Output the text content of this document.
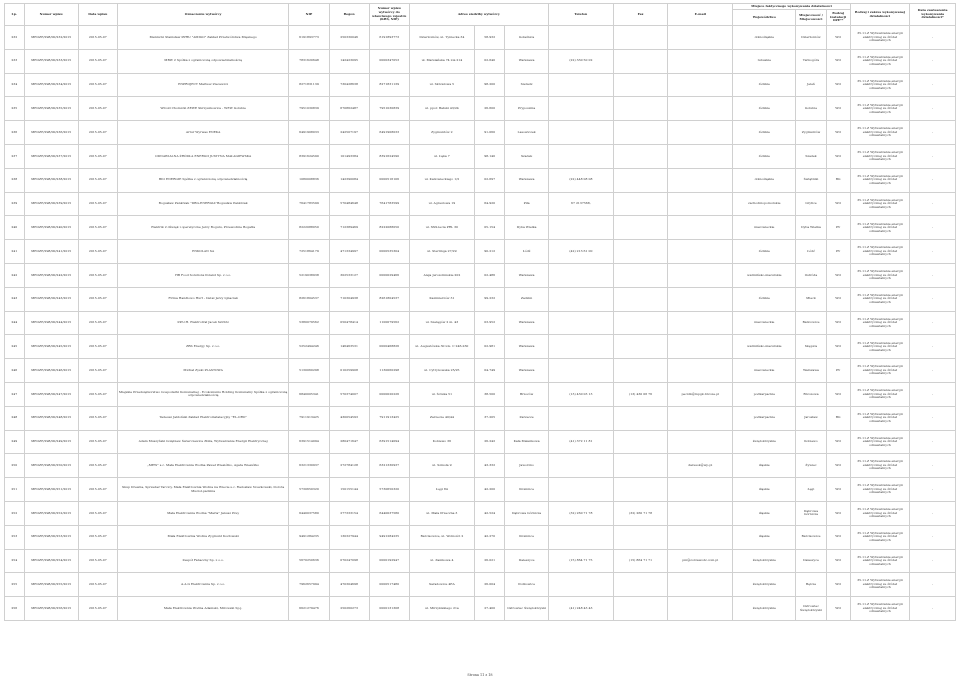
Lp.	Numer wpisu	Data wpisu	Oznaczenie wytwórcy	NIP	Regon	Numer wpisu wytwórcy do właściwego rejestru (KRS, NIP)	Adres siedziby wytwórcy			Telefon	Fax	E-mail	Miejsce faktycznego wykonywania działalności			Rodzaj i zakres wykonywanej działalności	Data zawieszenia wykonywania działalności*
													Województwo	Miejscowość / Miejscowości	Rodzaj instalacji OZE**		
232	MEOZE/298/00/232/2015	2015-05-07	Mennicki Stanisław PPHU "AMIGO" Zakład Przetwórstwa Mięsnego	6191893773	250330046	6191893773	Dzierżoniów, ul. Tyniecka 34	58-932	Gołaśnica				dolnośląskie	Dzierżoniów	WO	35.11.Z Wytwarzanie energii elektrycznej ze źródeł odnawialnych	-
233	MEOZE/298/00/233/2015	2015-05-07	MBW 2 Spółka z ograniczoną odpowiedzialnością	7831620648	142423095	0000347053	ul. Marsiańska 74 lok.214	02-640	Warszawa	(22) 330 50 02			lubuskie	Tarnogóra	WO	35.11.Z Wytwarzanie energii elektrycznej ze źródeł odnawialnych	-
234	MEOZE/298/00/234/2015	2015-05-07	ENPROJECT Mariusz Ziecewicz	8271831139	730428638	8271831139	ul. Skrzatowa 5	98-200	Sieradz				łódzkie	Jeleń	WO	35.11.Z Wytwarzanie energii elektrycznej ze źródeł odnawialnych	-
235	MEOZE/298/00/235/2015	2015-05-07	Witold Chomicki ZEWE Skrzyszkowice - WEW Golubie	7951030839	670862487	7951030839	ul. ppor. Bałuki 43/24	26-600	Pryposznia				łódzkie	Golubie	WO	35.11.Z Wytwarzanie energii elektrycznej ze źródeł odnawialnych	-
236	MEOZE/298/00/236/2015	2015-05-07	Artur Wyrwas ENEKA	6491908033	242507197	6491908033	Zygmuntów 2	91-060	Lasowiczek				łódzkie	Zygmuntów	WO	35.11.Z Wytwarzanie energii elektrycznej ze źródeł odnawialnych	-
237	MEOZE/298/00/237/2015	2015-05-07	ODNAWIALNA ŹRÓDŁA ENERGII JUSTYNA MAŁAGIEWSKA	8391624590	101493384	8391624590	ul. Łąka 7	98-140	Szadek				łódzkie	Szadek	WO	35.11.Z Wytwarzanie energii elektrycznej ze źródeł odnawialnych	-
238	MEOZE/298/00/238/2015	2015-05-07	BIO ENERGIE Spółka z ograniczoną odpowiedzialnością	1080008836	142390084	0000516106	ul. Kaliowieckiego 1/2	02-697	Warszawa	(22) 448 08 08			dolnośląskie	Świątniki	BG	35.11.Z Wytwarzanie energii elektrycznej ze źródeł odnawialnych	-
239	MEOZE/298/00/239/2015	2015-05-07	Bogusław Pankrzak "DBG-ENERGIA"Bogusław Pankrzak	7641783599	570484648	7641783599	ul. Agrestowa 19	64-920	Piła	67 2137568,			zachodniopomorskie	Gryfice	WO	35.11.Z Wytwarzanie energii elektrycznej ze źródeł odnawialnych	-
240	MEOZE/298/00/240/2015	2015-05-07	Elektrik 2 dźwięk i operetyczne Jerzy Bogulu, Przewodnie Bogatła	8222088050	712389469	8222088050	ul. XXX-lecia PRL 30	05-154	Dyba Wielka				mazowieckie	Dyba Wielka	PV	35.11.Z Wytwarzanie energii elektrycznej ze źródeł odnawialnych	-
241	MEOZE/298/00/241/2015	2015-05-07	ENKOLAN SA	7251864179	471334997	0000535304	ul. Sterlinga 27/29	90-212	Łódź	(42) 213 61 00			łódzkie	Łódź	PV	35.11.Z Wytwarzanie energii elektrycznej ze źródeł odnawialnych	-
242	MEOZE/298/00/242/2015	2015-05-07	HB Food Solutions Poland Sp. z o.o.	5219038938	302533127	0000029466	Aleja Jerozolimskie 202	02-486	Warszawa				warmińsko-mazurskie	Ostróda	WO	35.11.Z Wytwarzanie energii elektrycznej ze źródeł odnawialnych	-
243	MEOZE/298/00/243/2015	2015-05-07	Firma Handlowo Hurt - Detal Jerzy Ignaciak	8261804537	710304938	8261804537	Kazimierzów 31	99-232	Zadzim				łódzkie	Mleck	WO	35.11.Z Wytwarzanie energii elektrycznej ze źródeł odnawialnych	-
244	MEOZE/298/00/244/2015	2015-05-07	P.P.U.H. Elektrotrał Jacek Szirbtz	5380079562	050478414	1100079562	ul. Szelągów 2 m. 43	03-952	Warszawa				mazowieckie	Balicowice	WO	35.11.Z Wytwarzanie energii elektrycznej ze źródeł odnawialnych	-
245	MEOZE/298/00/245/2015	2015-05-07	ZBS Energy Sp. z o.o.	5252494246	146463531	0000468826	ul. Augustówka 30 lok. C 246-230	02-981	Warszawa				warmińsko-mazurskie	Skępica	WO	35.11.Z Wytwarzanie energii elektrycznej ze źródeł odnawialnych	-
246	MEOZE/298/00/246/2015	2015-05-07	Michał Zyski PLASTOWA	5130060298	010259908	1130060298	ul. Cytrynowska 25/25	04-749	Warszawa				mazowieckie	Warszawa	PV	35.11.Z Wytwarzanie energii elektrycznej ze źródeł odnawialnych	-
247	MEOZE/298/00/247/2015	2015-05-07	Miejskie Przedsiębiorstwo Gospodarki Komunalnej - Ecokomunis Holding Komunalny Spółka z ograniczoną odpowiedzialnością	6840005341	570374007	0000020226	ul. Ściuka 51	38-500	Brzozów	(13) 430 03 13	(13) 430 06 76	pecidk@mpgk.brzoze.pl	podkarpackie	Brzozowa	WO	35.11.Z Wytwarzanie energii elektrycznej ze źródeł odnawialnych	-
248	MEOZE/298/00/248/2015	2015-05-07	Tadeusz Jabłoński Zakład Elektroinstalacyjny "EL-ORO"	7911913425	430054593	7911913425	Zarzecze 40/44	37-205	Zarzecze				podkarpackie	Jarosław	BG	35.11.Z Wytwarzanie energii elektrycznej ze źródeł odnawialnych	-
249	MEOZE/298/00/249/2015	2015-05-07	Adam Muszyński Gołębiew Świerczewice Zbiła, Wytwarzanie Energii Elektrycznej	6391514094	280471647	6391514094	Kobiewo 36	26-242	Kała Malenkowa	(41) 372 11 81			świętokrzyskie	Kobiewo	WO	35.11.Z Wytwarzanie energii elektrycznej ze źródeł odnawialnych	-
250	MEOZE/298/00/250/2015	2015-05-07	„MEW" s.c. Mała Elektrownia Wodna Paweł Wiesiółko, Agata Wiesiółko	6321330937	272784128	6321330937	ul. Szmoła 9	43-332	Jaworzno			daresok@wp.pl	śląskie	Żywiec	WO	35.11.Z Wytwarzanie energii elektrycznej ze źródeł odnawialnych	-
251	MEOZE/298/00/251/2015	2015-05-07	Skup Drewna, Sprzedaż Tarcicy, Mała Elektrownia Wodna na Wiecie s.c. Radosław Noszkowski, Dorota Muzioł-padzina	5730650320	150155144	5730650320	Łęgi 84	42-200	Kłomnice				śląskie	Łęgi	WO	35.11.Z Wytwarzanie energii elektrycznej ze źródeł odnawialnych	-
252	MEOZE/298/00/252/2015	2015-05-07	Mała Elektrownia Wodna "Maria" Janusz Prey	6440037580	277333154	6440037580	ul. Mała Przeczna 3	42-524	Dąbrowa Górnicza	(32) 260 71 78	(32) 260 71 78		śląskie	Dąbrowa Górnicza	WO	35.11.Z Wytwarzanie energii elektrycznej ze źródeł odnawialnych	-
253	MEOZE/298/00/253/2015	2015-05-07	Mała Elektrownia Wodna Zygmunt Kozłowski	9491284235	130327944	9491284235	Barcisowice, ul. Wolności 2	42-270	Kłomnice				śląskie	Barcisowice	WO	35.11.Z Wytwarzanie energii elektrycznej ze źródeł odnawialnych	-
254	MEOZE/298/00/254/2015	2015-05-07	Zespół Fabaczny Sp. z o.o.	5670250636	070247098	0000192947	ul. Zamkowa 4	26-021	Daleszyce	(15) 864 71 75	(15) 864 71 71	pm@zorzawodz.com.pl	świętokrzyskie	Daleszyce	WO	35.11.Z Wytwarzanie energii elektrycznej ze źródeł odnawialnych	-
255	MEOZE/298/00/255/2015	2015-05-07	A.A.G Elektrownia Sp. z o.o.	7962657994	470304698	0000517480	Saradowice 4EA	26-004	Podkowice				świętokrzyskie	Bęlcze	WO	35.11.Z Wytwarzanie energii elektrycznej ze źródeł odnawialnych	-
256	MEOZE/298/00/256/2015	2015-05-07	Mała Elektrownia Wodna Adamski, Mirowski Sp.j.	6621279476	250260273	0000131308	ul. Mirzykiskiego 21a	27-400	Ostrowiec Świętokrzyski	(41) 248 43 43			świętokrzyskie	Ostrowiec Świętokrzyski	WO	35.11.Z Wytwarzanie energii elektrycznej ze źródeł odnawialnych	-
Strona 11 z 18
